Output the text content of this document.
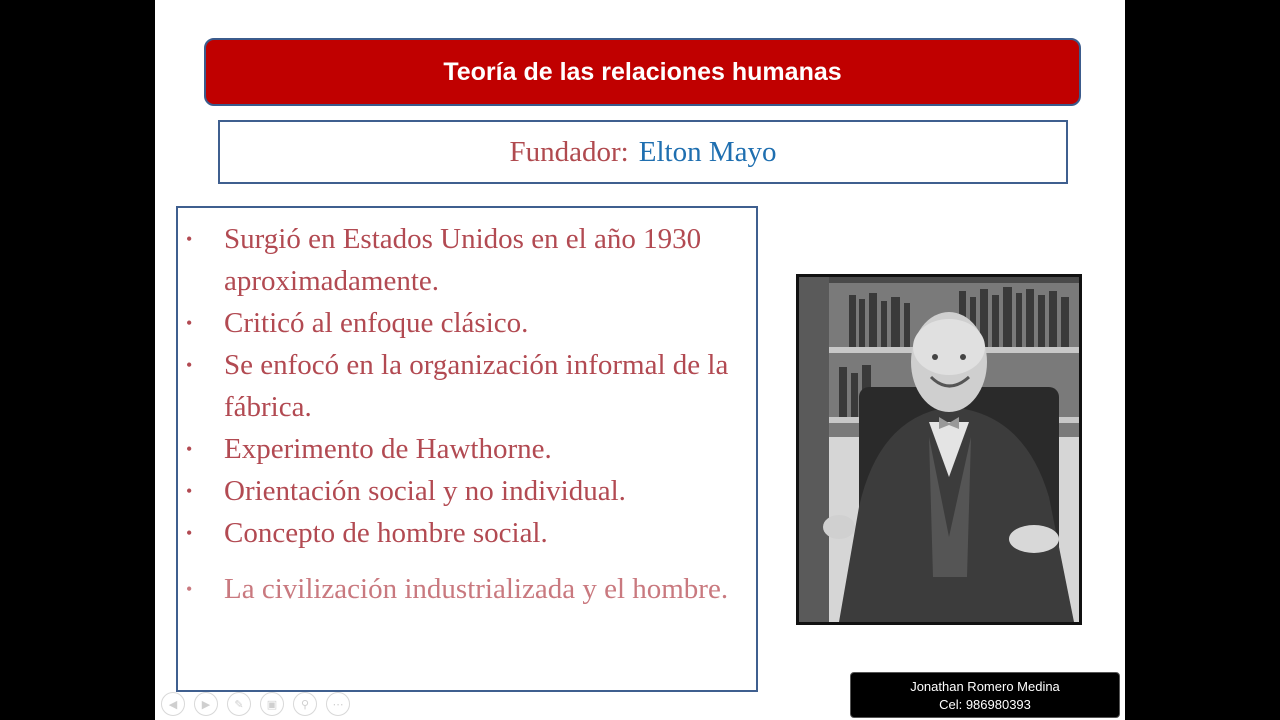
Teoría de las relaciones humanas
Fundador: Elton Mayo
• Surgió en Estados Unidos en el año 1930 aproximadamente.
• Criticó al enfoque clásico.
• Se enfocó en la organización informal de la fábrica.
• Experimento de Hawthorne.
• Orientación social y no individual.
• Concepto de hombre social.
• La civilización industrializada y el hombre.
◀	▶	✎	▣	⚲	⋯
Jonathan Romero Medina
Cel: 986980393
